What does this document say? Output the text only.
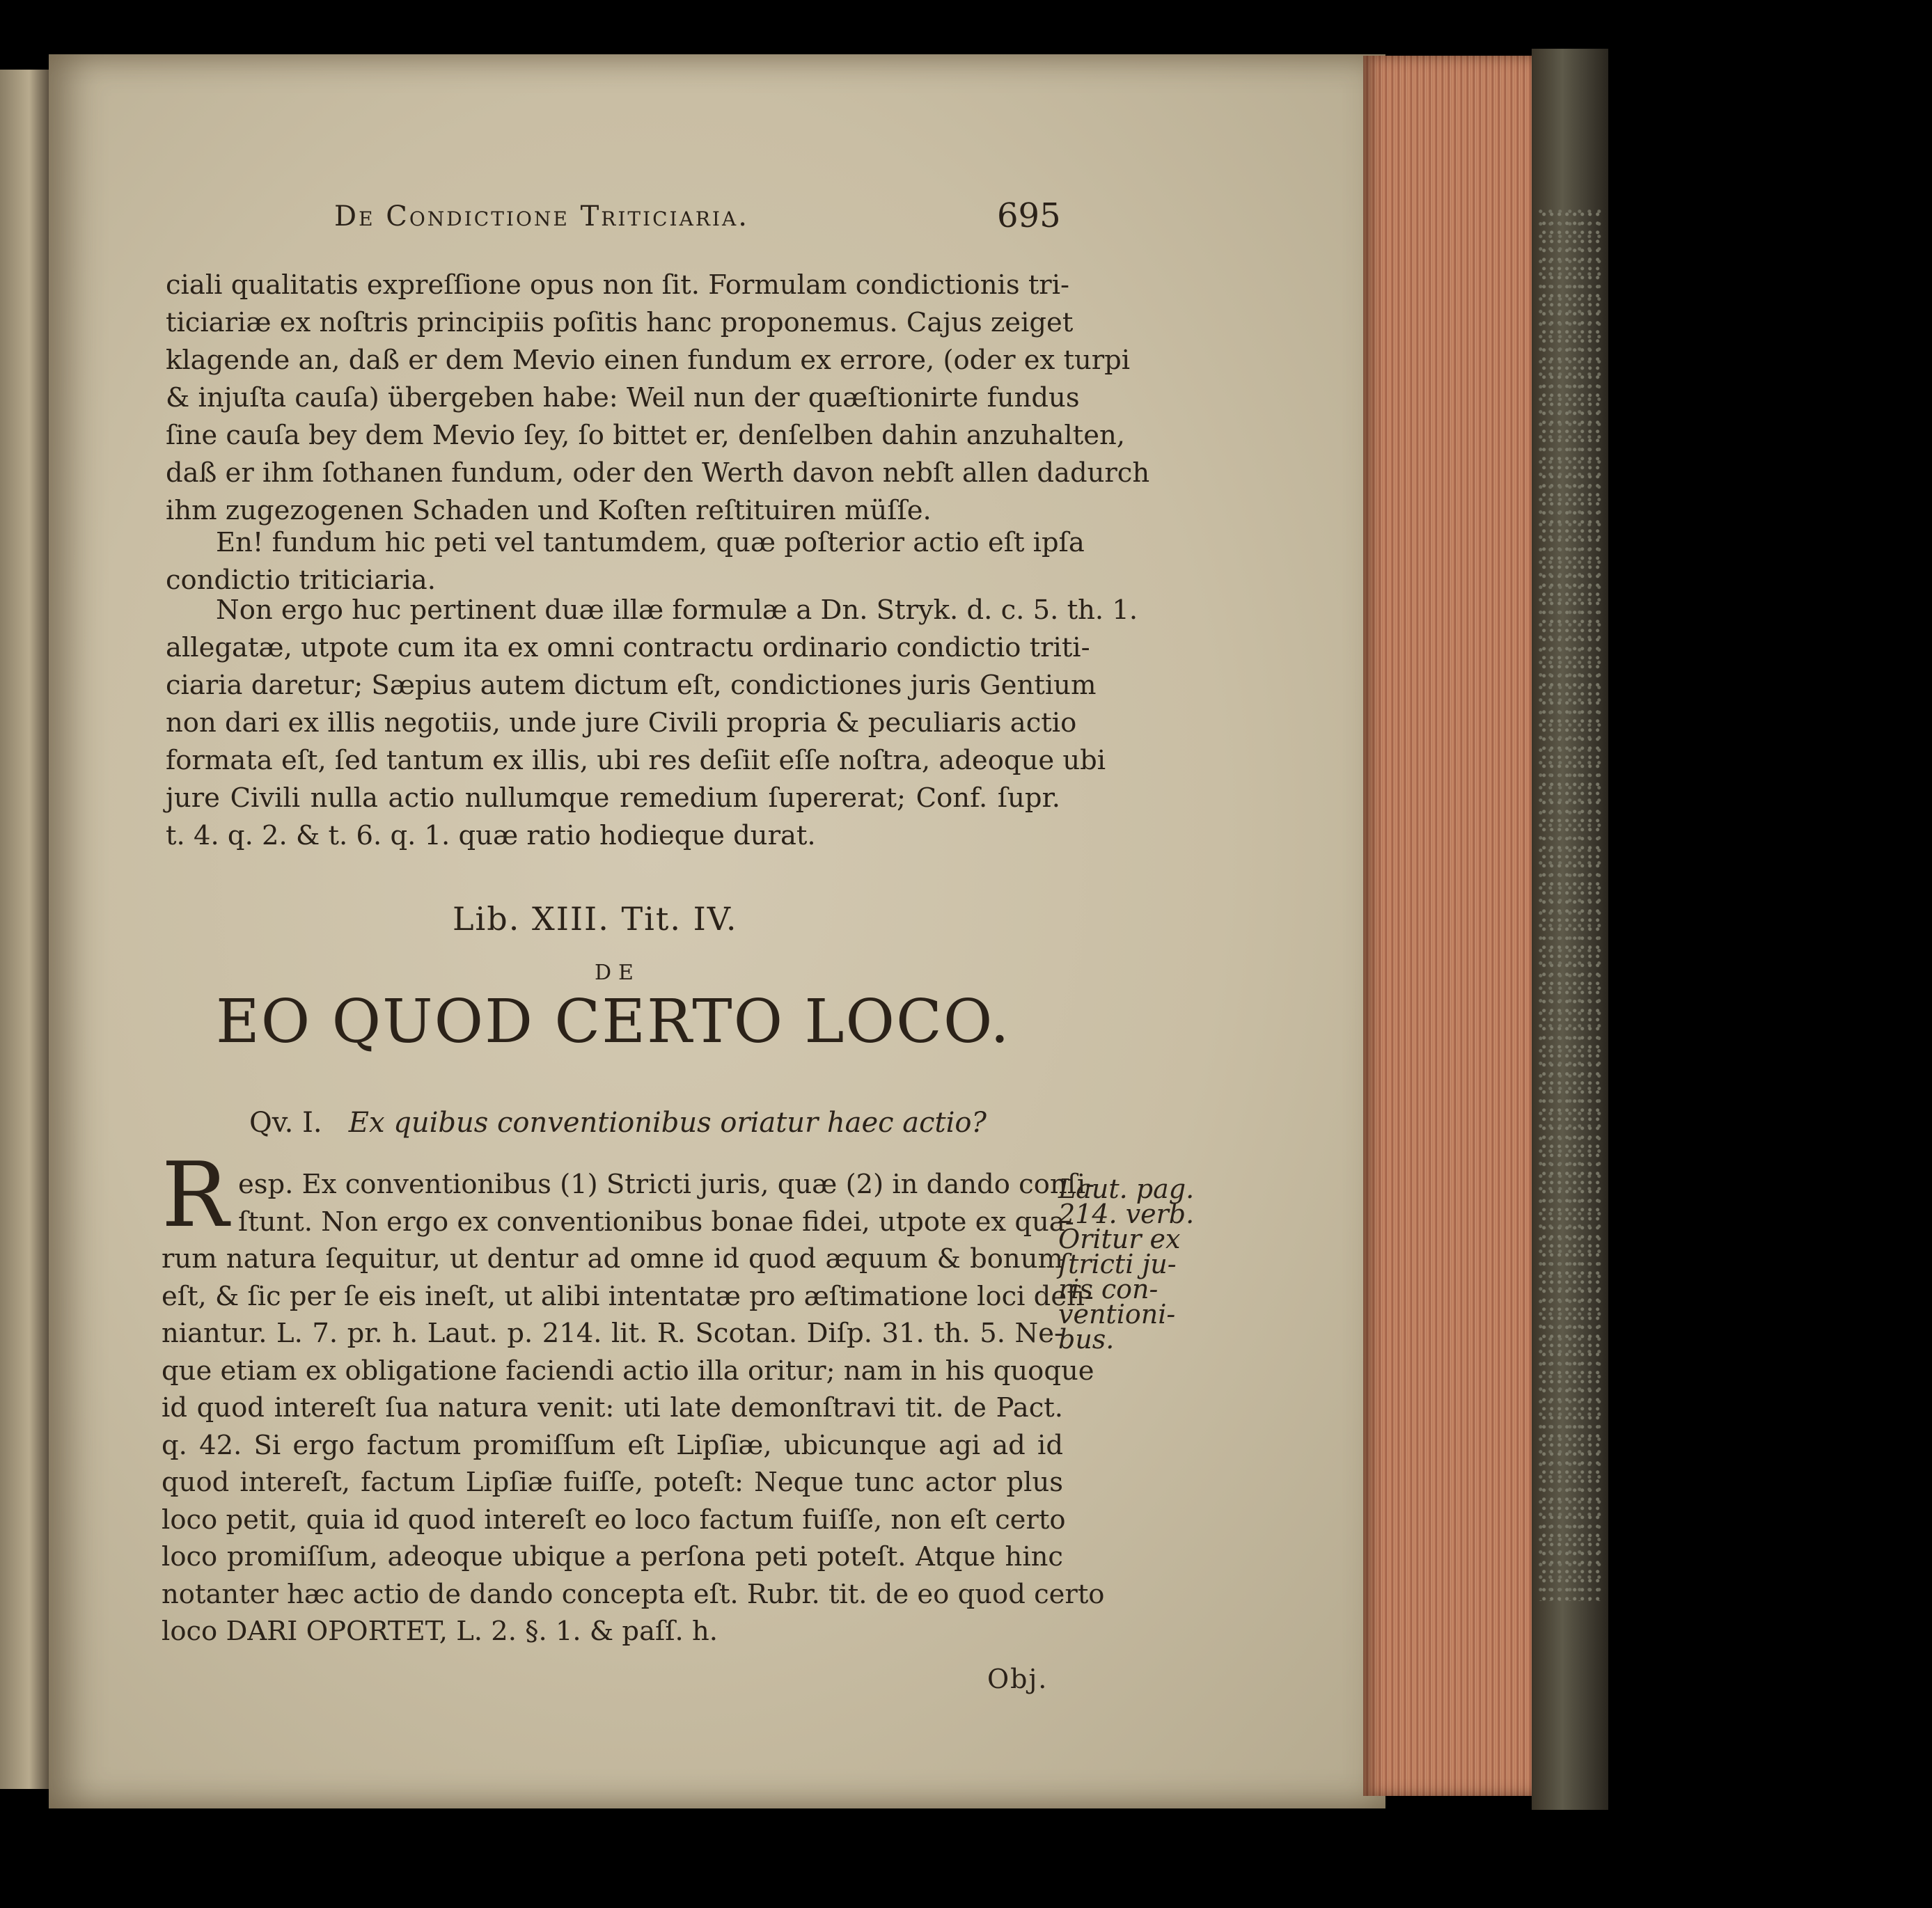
De Condictione Triticiaria.	695
ciali qualitatis expreſſione opus non ſit. Formulam condictionis tri-
ticiariæ ex noſtris principiis poſitis hanc proponemus. Cajus zeiget
klagende an, daß er dem Mevio einen fundum ex errore, (oder ex turpi
& injuſta cauſa) übergeben habe: Weil nun der quæſtionirte fundus
ſine cauſa bey dem Mevio ſey, ſo bittet er, denſelben dahin anzuhalten,
daß er ihm ſothanen fundum, oder den Werth davon nebſt allen dadurch
ihm zugezogenen Schaden und Koſten reſtituiren müſſe.
En! fundum hic peti vel tantumdem, quæ poſterior actio eſt ipſa
condictio triticiaria.
Non ergo huc pertinent duæ illæ formulæ a Dn. Stryk. d. c. 5. th. 1.
allegatæ, utpote cum ita ex omni contractu ordinario condictio triti-
ciaria daretur; Sæpius autem dictum eſt, condictiones juris Gentium
non dari ex illis negotiis, unde jure Civili propria & peculiaris actio
formata eſt, ſed tantum ex illis, ubi res deſiit eſſe noſtra, adeoque ubi
jure Civili nulla actio nullumque remedium ſupererat; Conf. ſupr.
t. 4. q. 2. & t. 6. q. 1. quæ ratio hodieque durat.
Lib. XIII. Tit. IV.
DE
EO QUOD CERTO LOCO.
Qv. I. Ex quibus conventionibus oriatur haec actio?
R esp. Ex conventionibus (1) Stricti juris, quæ (2) in dando conſi-
ſtunt. Non ergo ex conventionibus bonae fidei, utpote ex qua-
rum natura ſequitur, ut dentur ad omne id quod æquum & bonum
eſt, & ſic per ſe eis ineſt, ut alibi intentatæ pro æſtimatione loci defi-
niantur. L. 7. pr. h. Laut. p. 214. lit. R. Scotan. Diſp. 31. th. 5. Ne-
que etiam ex obligatione faciendi actio illa oritur; nam in his quoque
id quod intereſt ſua natura venit: uti late demonſtravi tit. de Pact.
q. 42. Si ergo factum promiſſum eſt Lipſiæ, ubicunque agi ad id
quod intereſt, factum Lipſiæ fuiſſe, poteſt: Neque tunc actor plus
loco petit, quia id quod intereſt eo loco factum fuiſſe, non eſt certo
loco promiſſum, adeoque ubique a perſona peti poteſt. Atque hinc
notanter hæc actio de dando concepta eſt. Rubr. tit. de eo quod certo
loco DARI OPORTET, L. 2. §. 1. & paſſ. h.
Laut. pag.
214. verb.
Oritur ex
ſtricti ju-
ris con-
ventioni-
bus.
Obj.
